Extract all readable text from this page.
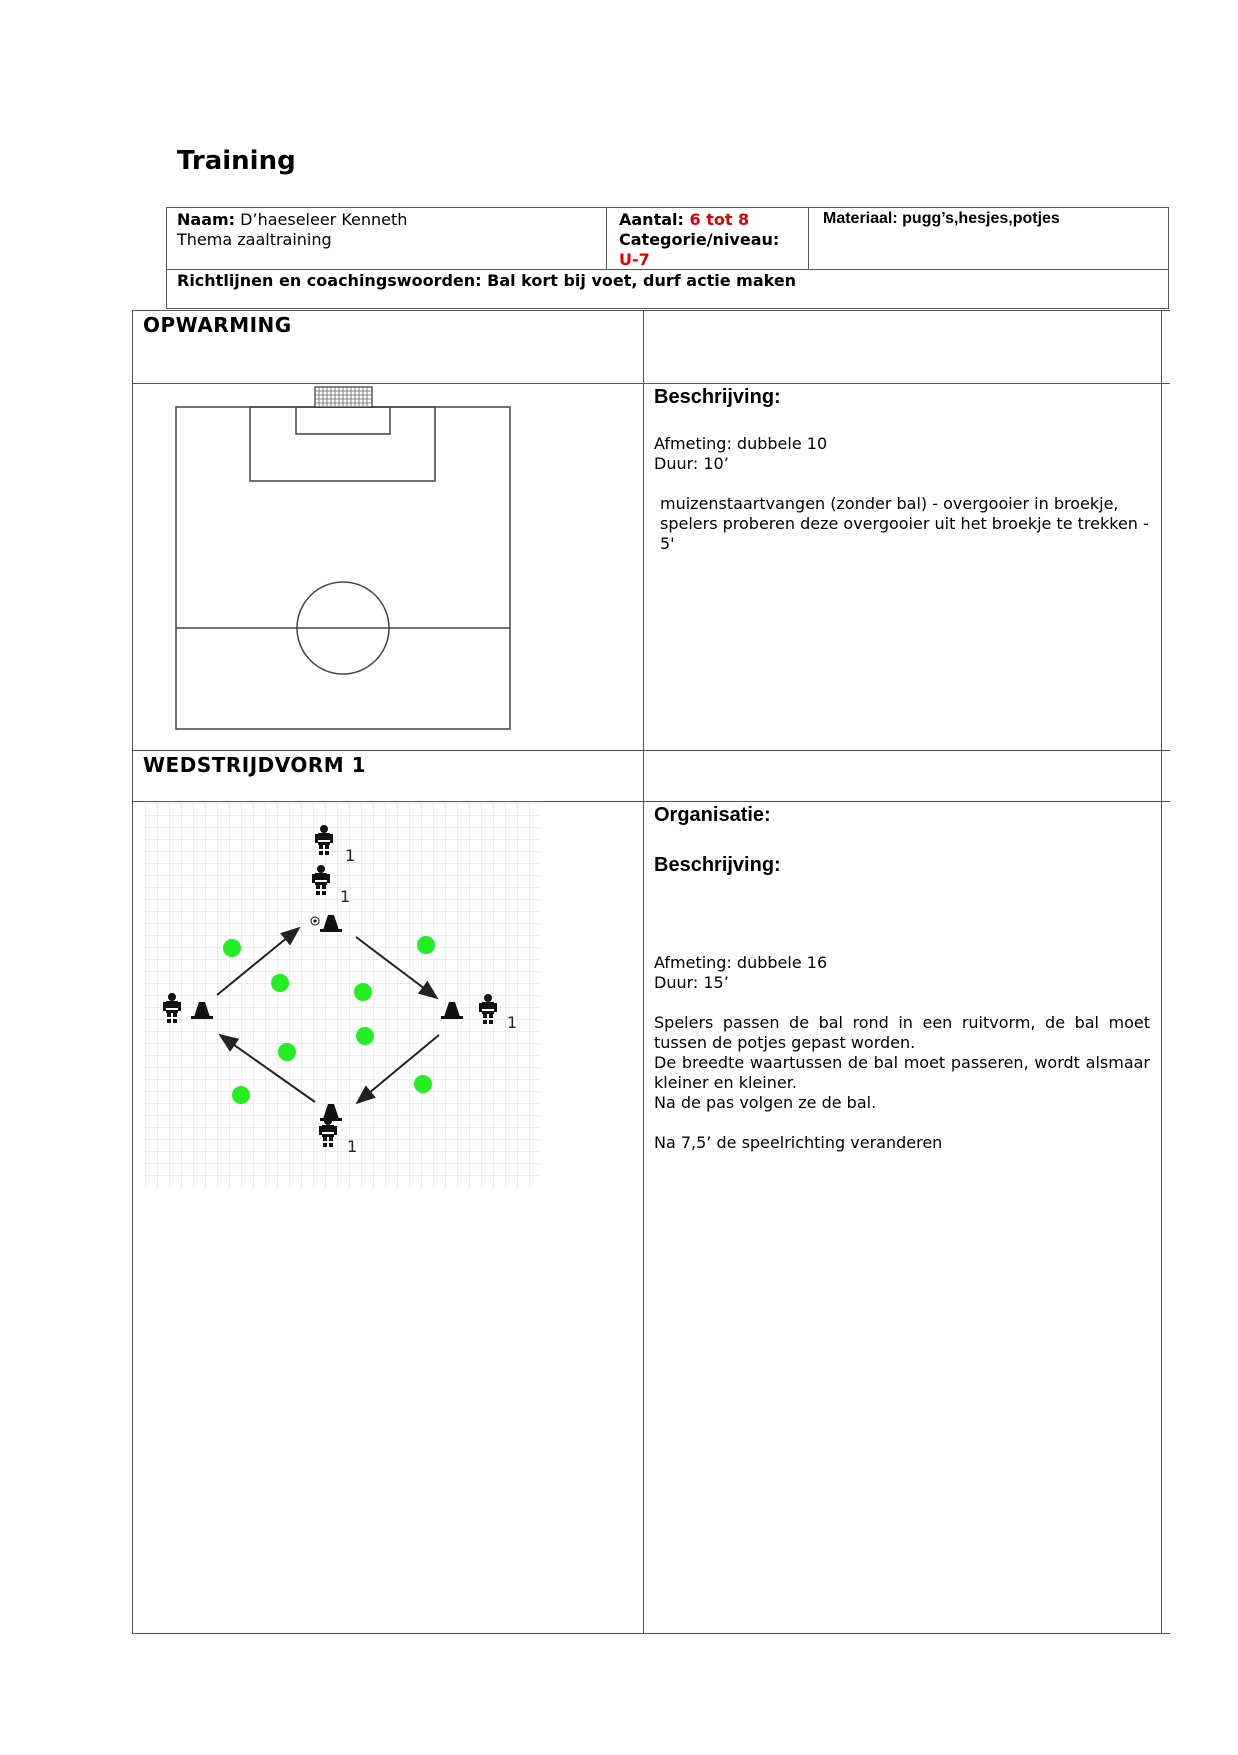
Training
Naam: D’haeseleer Kenneth
Thema zaaltraining
Aantal: 6 tot 8
Categorie/niveau:
U-7
Materiaal: pugg’s,hesjes,potjes
Richtlijnen en coachingswoorden: Bal kort bij voet, durf actie maken
OPWARMING
Beschrijving:
Afmeting: dubbele 10
Duur: 10’
muizenstaartvangen (zonder bal) - overgooier in broekje, spelers proberen deze overgooier uit het broekje te trekken - 5'
WEDSTRIJDVORM 1
1
1
1
1
Organisatie:
Beschrijving:
Afmeting: dubbele 16
Duur: 15’
Spelers passen de bal rond in een ruitvorm, de bal moet tussen de potjes gepast worden.
De breedte waartussen de bal moet passeren, wordt alsmaar kleiner en kleiner.
Na de pas volgen ze de bal.
Na 7,5’ de speelrichting veranderen
